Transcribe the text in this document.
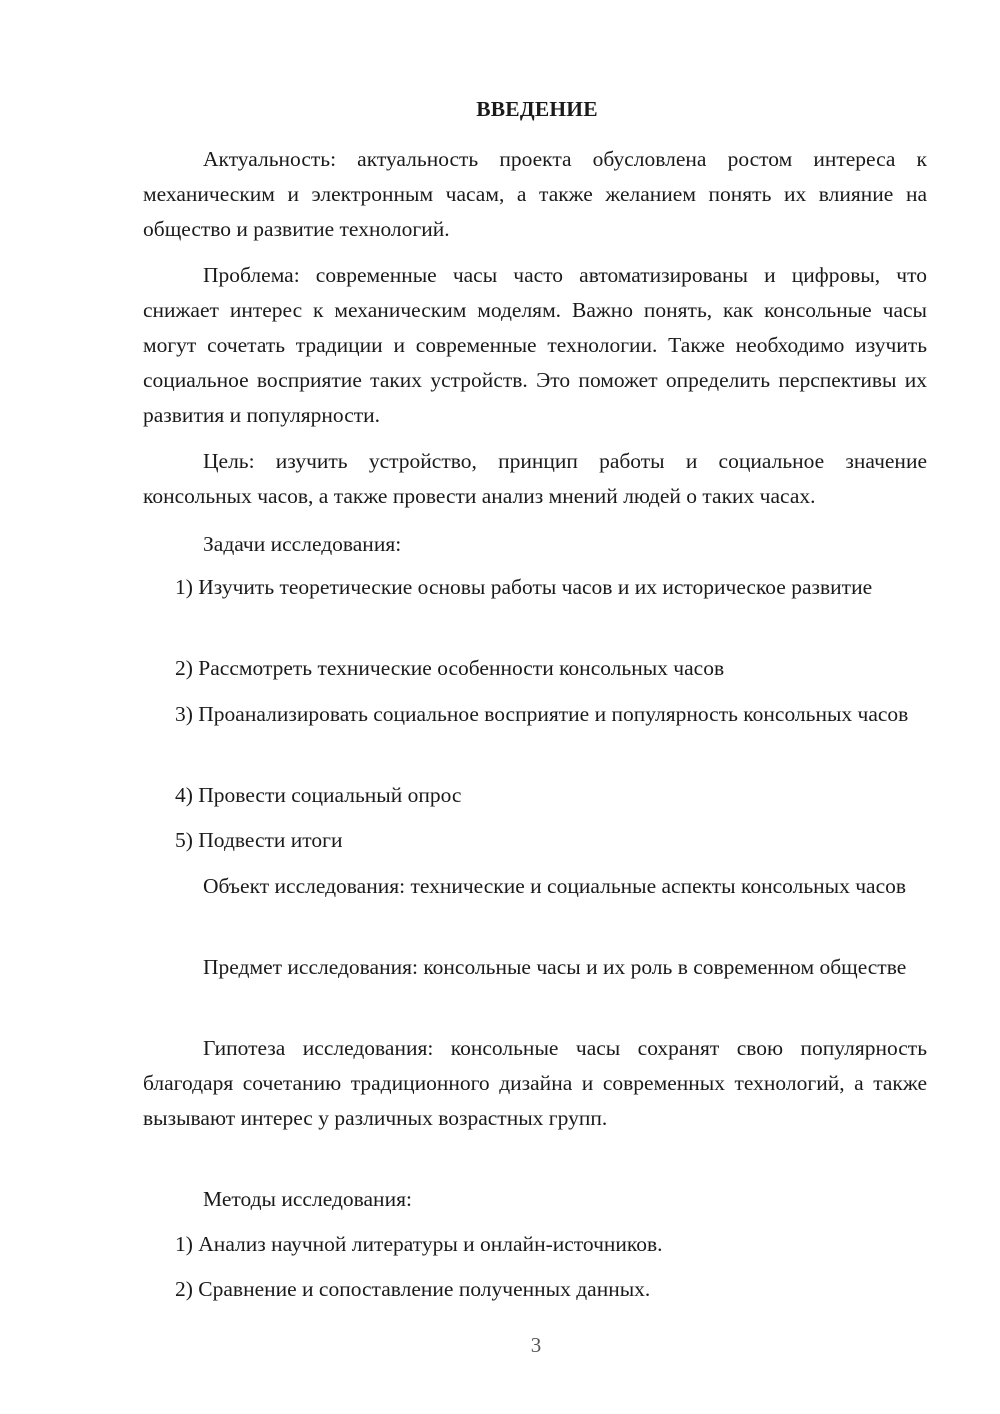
ВВЕДЕНИЕ

Актуальность: актуальность проекта обусловлена ростом интереса к механическим и электронным часам, а также желанием понять их влияние на общество и развитие технологий.

Проблема: современные часы часто автоматизированы и цифровы, что снижает интерес к механическим моделям. Важно понять, как консольные часы могут сочетать традиции и современные технологии. Также необходимо изучить социальное восприятие таких устройств. Это поможет определить перспективы их развития и популярности.

Цель: изучить устройство, принцип работы и социальное значение консольных часов, а также провести анализ мнений людей о таких часах.

Задачи исследования:

1) Изучить теоретические основы работы часов и их историческое развитие

2) Рассмотреть технические особенности консольных часов

3) Проанализировать социальное восприятие и популярность консольных часов

4) Провести социальный опрос

5) Подвести итоги

Объект исследования: технические и социальные аспекты консольных часов

Предмет исследования: консольные часы и их роль в современном обществе

Гипотеза исследования: консольные часы сохранят свою популярность благодаря сочетанию традиционного дизайна и современных технологий, а также вызывают интерес у различных возрастных групп.

Методы исследования:

1) Анализ научной литературы и онлайн-источников.

2) Сравнение и сопоставление полученных данных.

3
